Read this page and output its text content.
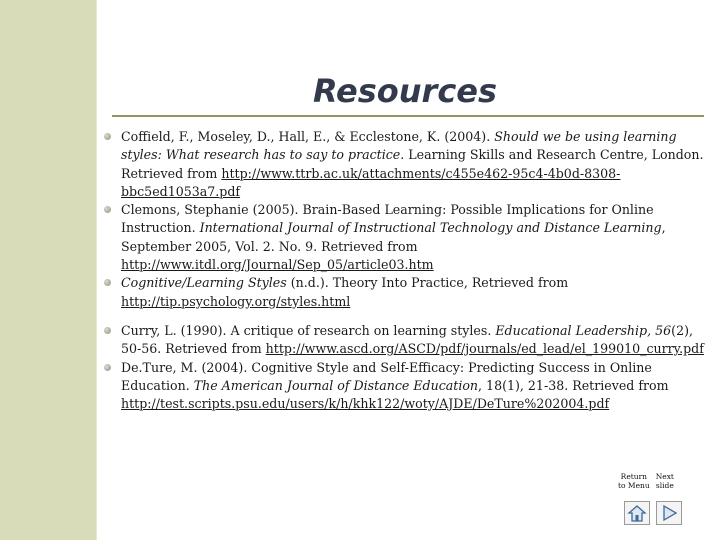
Resources
Coffield, F., Moseley, D., Hall, E., & Ecclestone, K. (2004). Should we be using learning styles: What research has to say to practice. Learning Skills and Research Centre, London. Retrieved from http://www.ttrb.ac.uk/attachments/c455e462-95c4-4b0d-8308-bbc5ed1053a7.pdf
Clemons, Stephanie (2005). Brain-Based Learning: Possible Implications for Online Instruction. International Journal of Instructional Technology and Distance Learning, September 2005, Vol. 2. No. 9. Retrieved from http://www.itdl.org/Journal/Sep_05/article03.htm
Cognitive/Learning Styles (n.d.). Theory Into Practice, Retrieved from http://tip.psychology.org/styles.html
Curry, L. (1990). A critique of research on learning styles. Educational Leadership, 56(2), 50-56. Retrieved from http://www.ascd.org/ASCD/pdf/journals/ed_lead/el_199010_curry.pdf
De.Ture, M. (2004). Cognitive Style and Self-Efficacy: Predicting Success in Online Education. The American Journal of Distance Education, 18(1), 21-38. Retrieved from http://test.scripts.psu.edu/users/k/h/khk122/woty/AJDE/DeTure%202004.pdf
Return
to Menu
Next
slide
